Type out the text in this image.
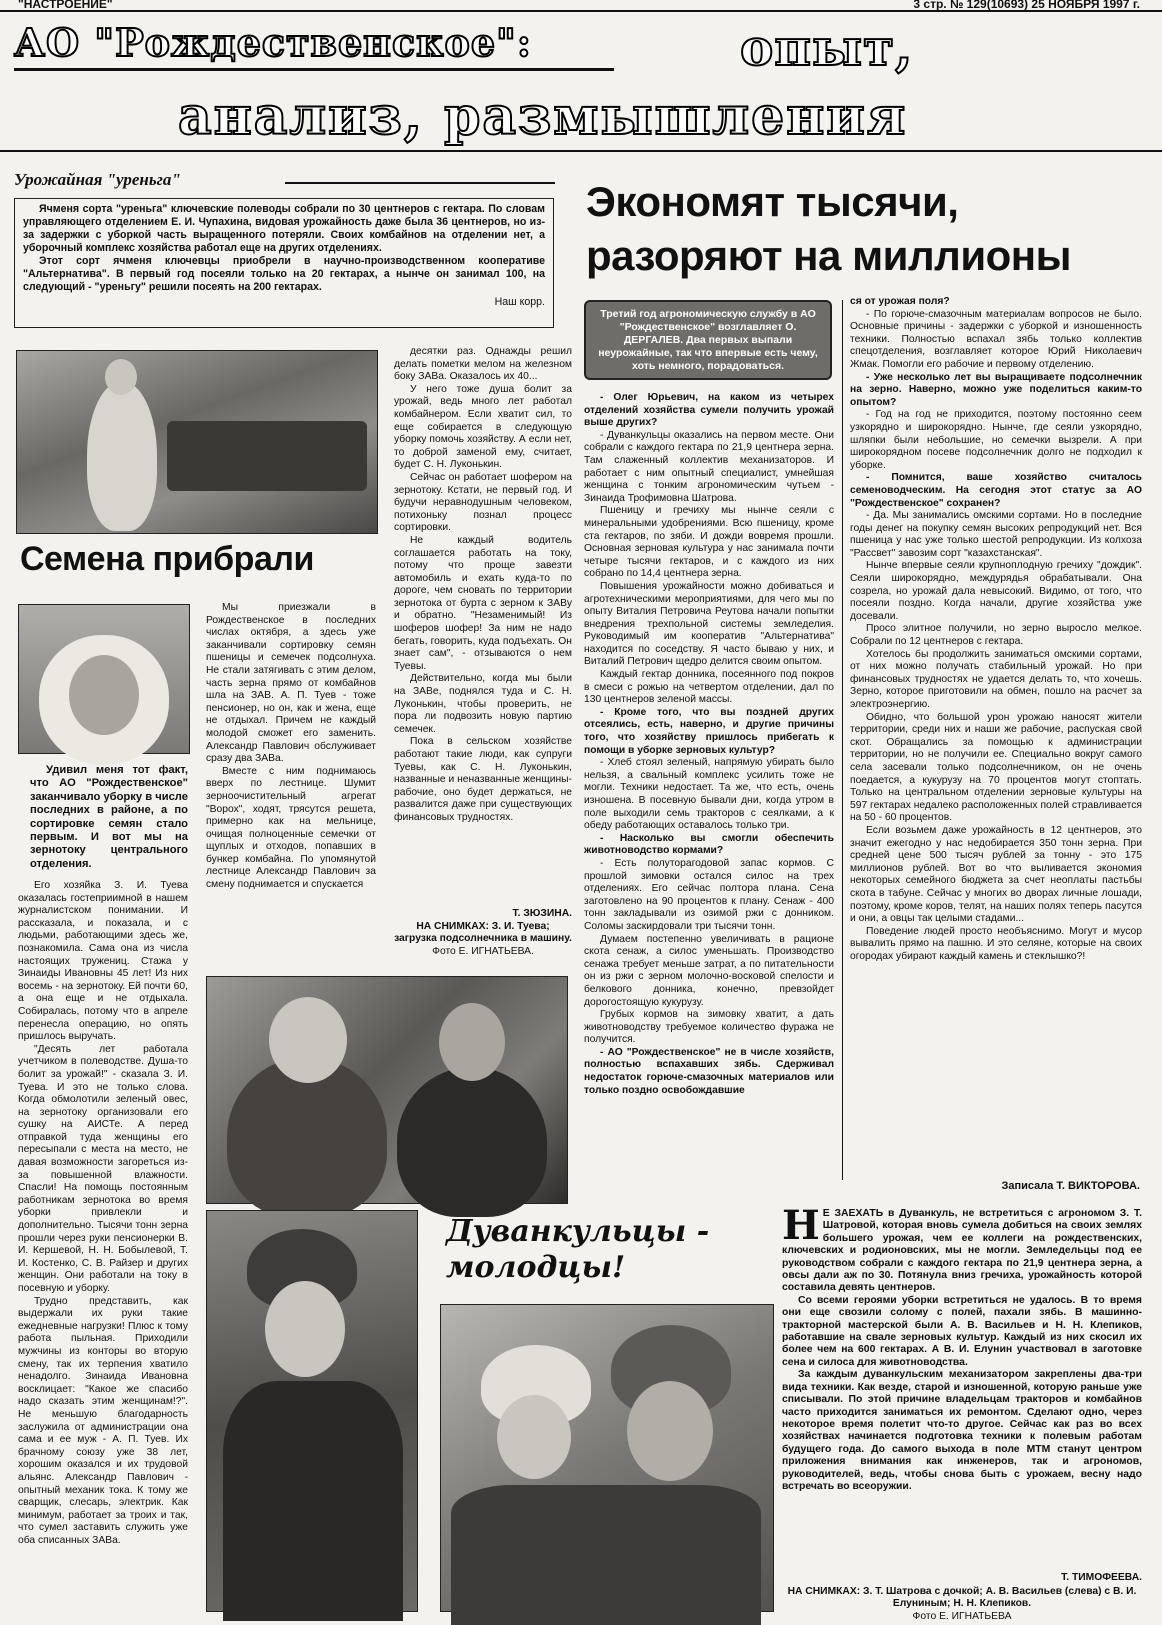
"НАСТРОЕНИЕ"	3 стр. № 129(10693) 25 НОЯБРЯ 1997 г.
АО "Рождественское":	опыт,
анализ, размышления
Урожайная "уреньга"

Ячменя сорта "уреньга" ключевские полеводы собрали по 30 центнеров с гектара. По словам управляющего отделением Е. И. Чупахина, видовая урожайность даже была 36 центнеров, но из-за задержки с уборкой часть выращенного потеряли. Своих комбайнов на отделении нет, а уборочный комплекс хозяйства работал еще на других отделениях.

Этот сорт ячменя ключевцы приобрели в научно-производственном кооперативе "Альтернатива". В первый год посеяли только на 20 гектарах, а нынче он занимал 100, на следующий - "уреньгу" решили посеять на 200 гектарах.

Наш корр.

Экономят тысячи,
разоряют на миллионы
Третий год агрономическую службу в АО "Рождественское" возглавляет О. ДЕРГАЛЕВ. Два первых выпали неурожайные, так что впервые есть чему, хоть немного, порадоваться.

- Олег Юрьевич, на каком из четырех отделений хозяйства сумели получить урожай выше других?

- Дуванкульцы оказались на первом месте. Они собрали с каждого гектара по 21,9 центнера зерна. Там слаженный коллектив механизаторов. И работает с ним опытный специалист, умнейшая женщина с тонким агрономическим чутьем - Зинаида Трофимовна Шатрова.

Пшеницу и гречиху мы нынче сеяли с минеральными удобрениями. Всю пшеницу, кроме ста гектаров, по зяби. И дожди вовремя прошли. Основная зерновая культура у нас занимала почти четыре тысячи гектаров, и с каждого из них собрано по 14,4 центнера зерна.

Повышения урожайности можно добиваться и агротехническими мероприятиями, для чего мы по опыту Виталия Петровича Реутова начали попытки внедрения трехпольной системы земледелия. Руководимый им кооператив "Альтернатива" находится по соседству. Я часто бываю у них, и Виталий Петрович щедро делится своим опытом.

Каждый гектар донника, посеянного под покров в смеси с рожью на четвертом отделении, дал по 130 центнеров зеленой массы.

- Кроме того, что вы поздней других отсеялись, есть, наверно, и другие причины того, что хозяйству пришлось прибегать к помощи в уборке зерновых культур?

- Хлеб стоял зеленый, напрямую убирать было нельзя, а свальный комплекс усилить тоже не могли. Техники недостает. Та же, что есть, очень изношена. В посевную бывали дни, когда утром в поле выходили семь тракторов с сеялками, а к обеду работающих оставалось только три.

- Насколько вы смогли обеспечить животноводство кормами?

- Есть полуторагодовой запас кормов. С прошлой зимовки остался силос на трех отделениях. Его сейчас полтора плана. Сена заготовлено на 90 процентов к плану. Сенаж - 400 тонн закладывали из озимой ржи с донником. Соломы заскирдовали три тысячи тонн.

Думаем постепенно увеличивать в рационе скота сенаж, а силос уменьшать. Производство сенажа требует меньше затрат, а по питательности он из ржи с зерном молочно-восковой спелости и белкового донника, конечно, превзойдет дорогостоящую кукурузу.

Грубых кормов на зимовку хватит, а дать животноводству требуемое количество фуража не получится.

- АО "Рождественское" не в числе хозяйств, полностью вспахавших зябь. Сдерживал недостаток горюче-смазочных материалов или только поздно освобождавшие

ся от урожая поля?

- По горюче-смазочным материалам вопросов не было. Основные причины - задержки с уборкой и изношенность техники. Полностью вспахал зябь только коллектив спецотделения, возглавляет которое Юрий Николаевич Жмак. Помогли его рабочие и первому отделению.

- Уже несколько лет вы выращиваете подсолнечник на зерно. Наверно, можно уже поделиться каким-то опытом?

- Год на год не приходится, поэтому постоянно сеем узкорядно и широкорядно. Нынче, где сеяли узкорядно, шляпки были небольшие, но семечки вызрели. А при широкорядном посеве подсолнечник долго не подходил к уборке.

- Помнится, ваше хозяйство считалось семеноводческим. На сегодня этот статус за АО "Рождественское" сохранен?

- Да. Мы занимались омскими сортами. Но в последние годы денег на покупку семян высоких репродукций нет. Вся пшеница у нас уже только шестой репродукции. Из колхоза "Рассвет" завозим сорт "казахстанская".

Нынче впервые сеяли крупноплодную гречиху "дождик". Сеяли широкорядно, междурядья обрабатывали. Она созрела, но урожай дала невысокий. Видимо, от того, что посеяли поздно. Когда начали, другие хозяйства уже досевали.

Просо элитное получили, но зерно выросло мелкое. Собрали по 12 центнеров с гектара.

Хотелось бы продолжить заниматься омскими сортами, от них можно получать стабильный урожай. Но при финансовых трудностях не удается делать то, что хочешь. Зерно, которое приготовили на обмен, пошло на расчет за электроэнергию.

Обидно, что большой урон урожаю наносят жители территории, среди них и наши же рабочие, распуская свой скот. Обращались за помощью к администрации территории, но не получили ее. Специально вокруг самого села засевали только подсолнечником, он не очень поедается, а кукурузу на 70 процентов могут стоптать. Только на центральном отделении зерновые культуры на 597 гектарах недалеко расположенных полей стравливается на 50 - 60 процентов.

Если возьмем даже урожайность в 12 центнеров, это значит ежегодно у нас недобирается 350 тонн зерна. При средней цене 500 тысяч рублей за тонну - это 175 миллионов рублей. Вот во что выливается экономия некоторых семейного бюджета за счет неоплаты пастьбы скота в табуне. Сейчас у многих во дворах личные лошади, поэтому, кроме коров, телят, на наших полях теперь пасутся и они, а овцы так целыми стадами...

Поведение людей просто необъяснимо. Могут и мусор вывалить прямо на пашню. И это селяне, которые на своих огородах убирают каждый камень и стеклышко?!

Записала Т. ВИКТОРОВА.
Семена прибрали

Удивил меня тот факт, что АО "Рождественское" заканчивало уборку в числе последних в районе, а по сортировке семян стало первым. И вот мы на зернотоку центрального отделения.

Его хозяйка З. И. Туева оказалась гостеприимной в нашем журналистском понимании. И рассказала, и показала, и с людьми, работающими здесь же, познакомила. Сама она из числа настоящих тружениц. Стажа у Зинаиды Ивановны 45 лет! Из них восемь - на зернотоку. Ей почти 60, а она еще и не отдыхала. Собиралась, потому что в апреле перенесла операцию, но опять пришлось выручать.

"Десять лет работала учетчиком в полеводстве. Душа-то болит за урожай!" - сказала З. И. Туева. И это не только слова. Когда обмолотили зеленый овес, на зернотоку организовали его сушку на АИСТе. А перед отправкой туда женщины его пересыпали с места на место, не давая возможности загореться из-за повышенной влажности. Спасли! На помощь постоянным работникам зернотока во время уборки привлекли и дополнительно. Тысячи тонн зерна прошли через руки пенсионерки В. И. Кершевой, Н. Н. Бобылевой, Т. И. Костенко, С. В. Райзер и других женщин. Они работали на току в посевную и уборку.

Трудно представить, как выдержали их руки такие ежедневные нагрузки! Плюс к тому работа пыльная. Приходили мужчины из конторы во вторую смену, так их терпения хватило ненадолго. Зинаида Ивановна восклицает: "Какое же спасибо надо сказать этим женщинам!?". Не меньшую благодарность заслужила от администрации она сама и ее муж - А. П. Туев. Их брачному союзу уже 38 лет, хорошим оказался и их трудовой альянс. Александр Павлович - опытный механик тока. К тому же сварщик, слесарь, электрик. Как минимум, работает за троих и так, что сумел заставить служить уже оба списанных ЗАВа.

Мы приезжали в Рождественское в последних числах октября, а здесь уже заканчивали сортировку семян пшеницы и семечек подсолнуха. Не стали затягивать с этим делом, часть зерна прямо от комбайнов шла на ЗАВ. А. П. Туев - тоже пенсионер, но он, как и жена, еще не отдыхал. Причем не каждый молодой сможет его заменить. Александр Павлович обслуживает сразу два ЗАВа.

Вместе с ним поднимаюсь вверх по лестнице. Шумит зерноочистительный агрегат "Ворох", ходят, трясутся решета, примерно как на мельнице, очищая полноценные семечки от щуплых и отходов, попавших в бункер комбайна. По упомянутой лестнице Александр Павлович за смену поднимается и спускается

десятки раз. Однажды решил делать пометки мелом на железном боку ЗАВа. Оказалось их 40...

У него тоже душа болит за урожай, ведь много лет работал комбайнером. Если хватит сил, то еще собирается в следующую уборку помочь хозяйству. А если нет, то доброй заменой ему, считает, будет С. Н. Луконькин.

Сейчас он работает шофером на зернотоку. Кстати, не первый год. И будучи неравнодушным человеком, потихоньку познал процесс сортировки.

Не каждый водитель соглашается работать на току, потому что проще завезти автомобиль и ехать куда-то по дороге, чем сновать по территории зернотока от бурта с зерном к ЗАВу и обратно. "Незаменимый! Из шоферов шофер! За ним не надо бегать, говорить, куда подъехать. Он знает сам", - отзываются о нем Туевы.

Действительно, когда мы были на ЗАВе, поднялся туда и С. Н. Луконькин, чтобы проверить, не пора ли подвозить новую партию семечек.

Пока в сельском хозяйстве работают такие люди, как супруги Туевы, как С. Н. Луконькин, названные и неназванные женщины-рабочие, оно будет держаться, не развалится даже при существующих финансовых трудностях.

Т. ЗЮЗИНА.

НА СНИМКАХ: З. И. Туева; загрузка подсолнечника в машину.

Фото Е. ИГНАТЬЕВА.

Дуванкульцы -
молодцы!
Н Е ЗАЕХАТЬ в Дуванкуль, не встретиться с агрономом З. Т. Шатровой, которая вновь сумела добиться на своих землях большего урожая, чем ее коллеги на рождественских, ключевских и родионовских, мы не могли. Земледельцы под ее руководством собрали с каждого гектара по 21,9 центнера зерна, а овсы дали аж по 30. Потянула вниз гречиха, урожайность которой составила девять центнеров.

Со всеми героями уборки встретиться не удалось. В то время они еще свозили солому с полей, пахали зябь. В машинно-тракторной мастерской были А. В. Васильев и Н. Н. Клепиков, работавшие на свале зерновых культур. Каждый из них скосил их более чем на 600 гектарах. А В. И. Елунин участвовал в заготовке сена и силоса для животноводства.

За каждым дуванкульским механизатором закреплены два-три вида техники. Как везде, старой и изношенной, которую раньше уже списывали. По этой причине владельцам тракторов и комбайнов часто приходится заниматься их ремонтом. Сделают одно, через некоторое время полетит что-то другое. Сейчас как раз во всех хозяйствах начинается подготовка техники к полевым работам будущего года. До самого выхода в поле МТМ станут центром приложения внимания как инженеров, так и агрономов, руководителей, ведь, чтобы снова быть с урожаем, весну надо встречать во всеоружии.

Т. ТИМОФЕЕВА.

НА СНИМКАХ: З. Т. Шатрова с дочкой; А. В. Васильев (слева) с В. И. Елуниным; Н. Н. Клепиков.

Фото Е. ИГНАТЬЕВА
